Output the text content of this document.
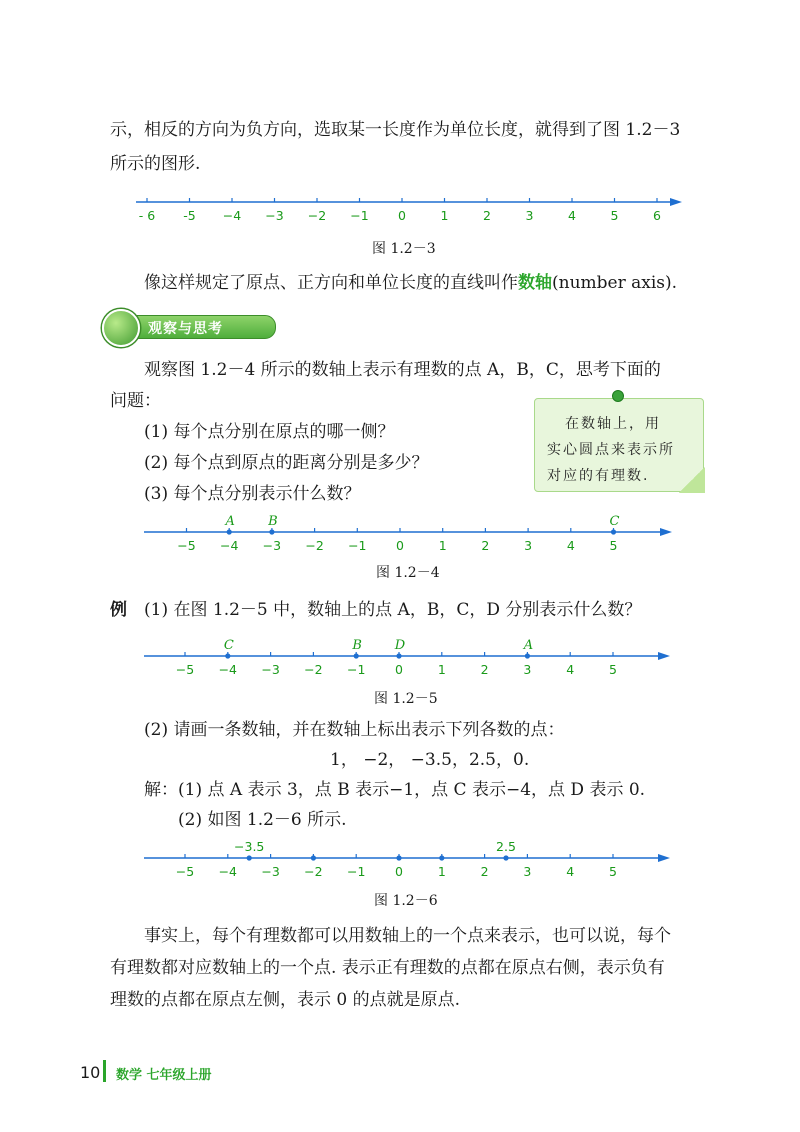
示，相反的方向为负方向，选取某一长度作为单位长度，就得到了图 1.2－3
所示的图形.
- 6 -5 −4 −3 −2 −1 0	1	2	3	4	5	6
图 1.2－3
像这样规定了原点、正方向和单位长度的直线叫作数轴(number axis).
观察与思考
观察图 1.2－4 所示的数轴上表示有理数的点 A，B，C，思考下面的
问题：
(1) 每个点分别在原点的哪一侧？
(2) 每个点到原点的距离分别是多少？
(3) 每个点分别表示什么数？
在数轴上，用
实心圆点来表示所
对应的有理数.
−5 −4 −3 −2 −1 0	1	2	3	4	5
A	B	C
图 1.2－4
例 (1) 在图 1.2－5 中，数轴上的点 A，B，C，D 分别表示什么数？
−5 −4 −3 −2 −1 0	1	2	3	4	5
C	B	D	A
图 1.2－5
(2) 请画一条数轴，并在数轴上标出表示下列各数的点：
1， −2， −3.5，2.5，0.
解：(1) 点 A 表示 3，点 B 表示−1，点 C 表示−4，点 D 表示 0.
(2) 如图 1.2－6 所示.
−5 −4 −3 −2 −1 0	1	2	3	4	5
−3.5	2.5
图 1.2－6
事实上，每个有理数都可以用数轴上的一个点来表示，也可以说，每个
有理数都对应数轴上的一个点. 表示正有理数的点都在原点右侧，表示负有
理数的点都在原点左侧，表示 0 的点就是原点.
10 数学 七年级上册
